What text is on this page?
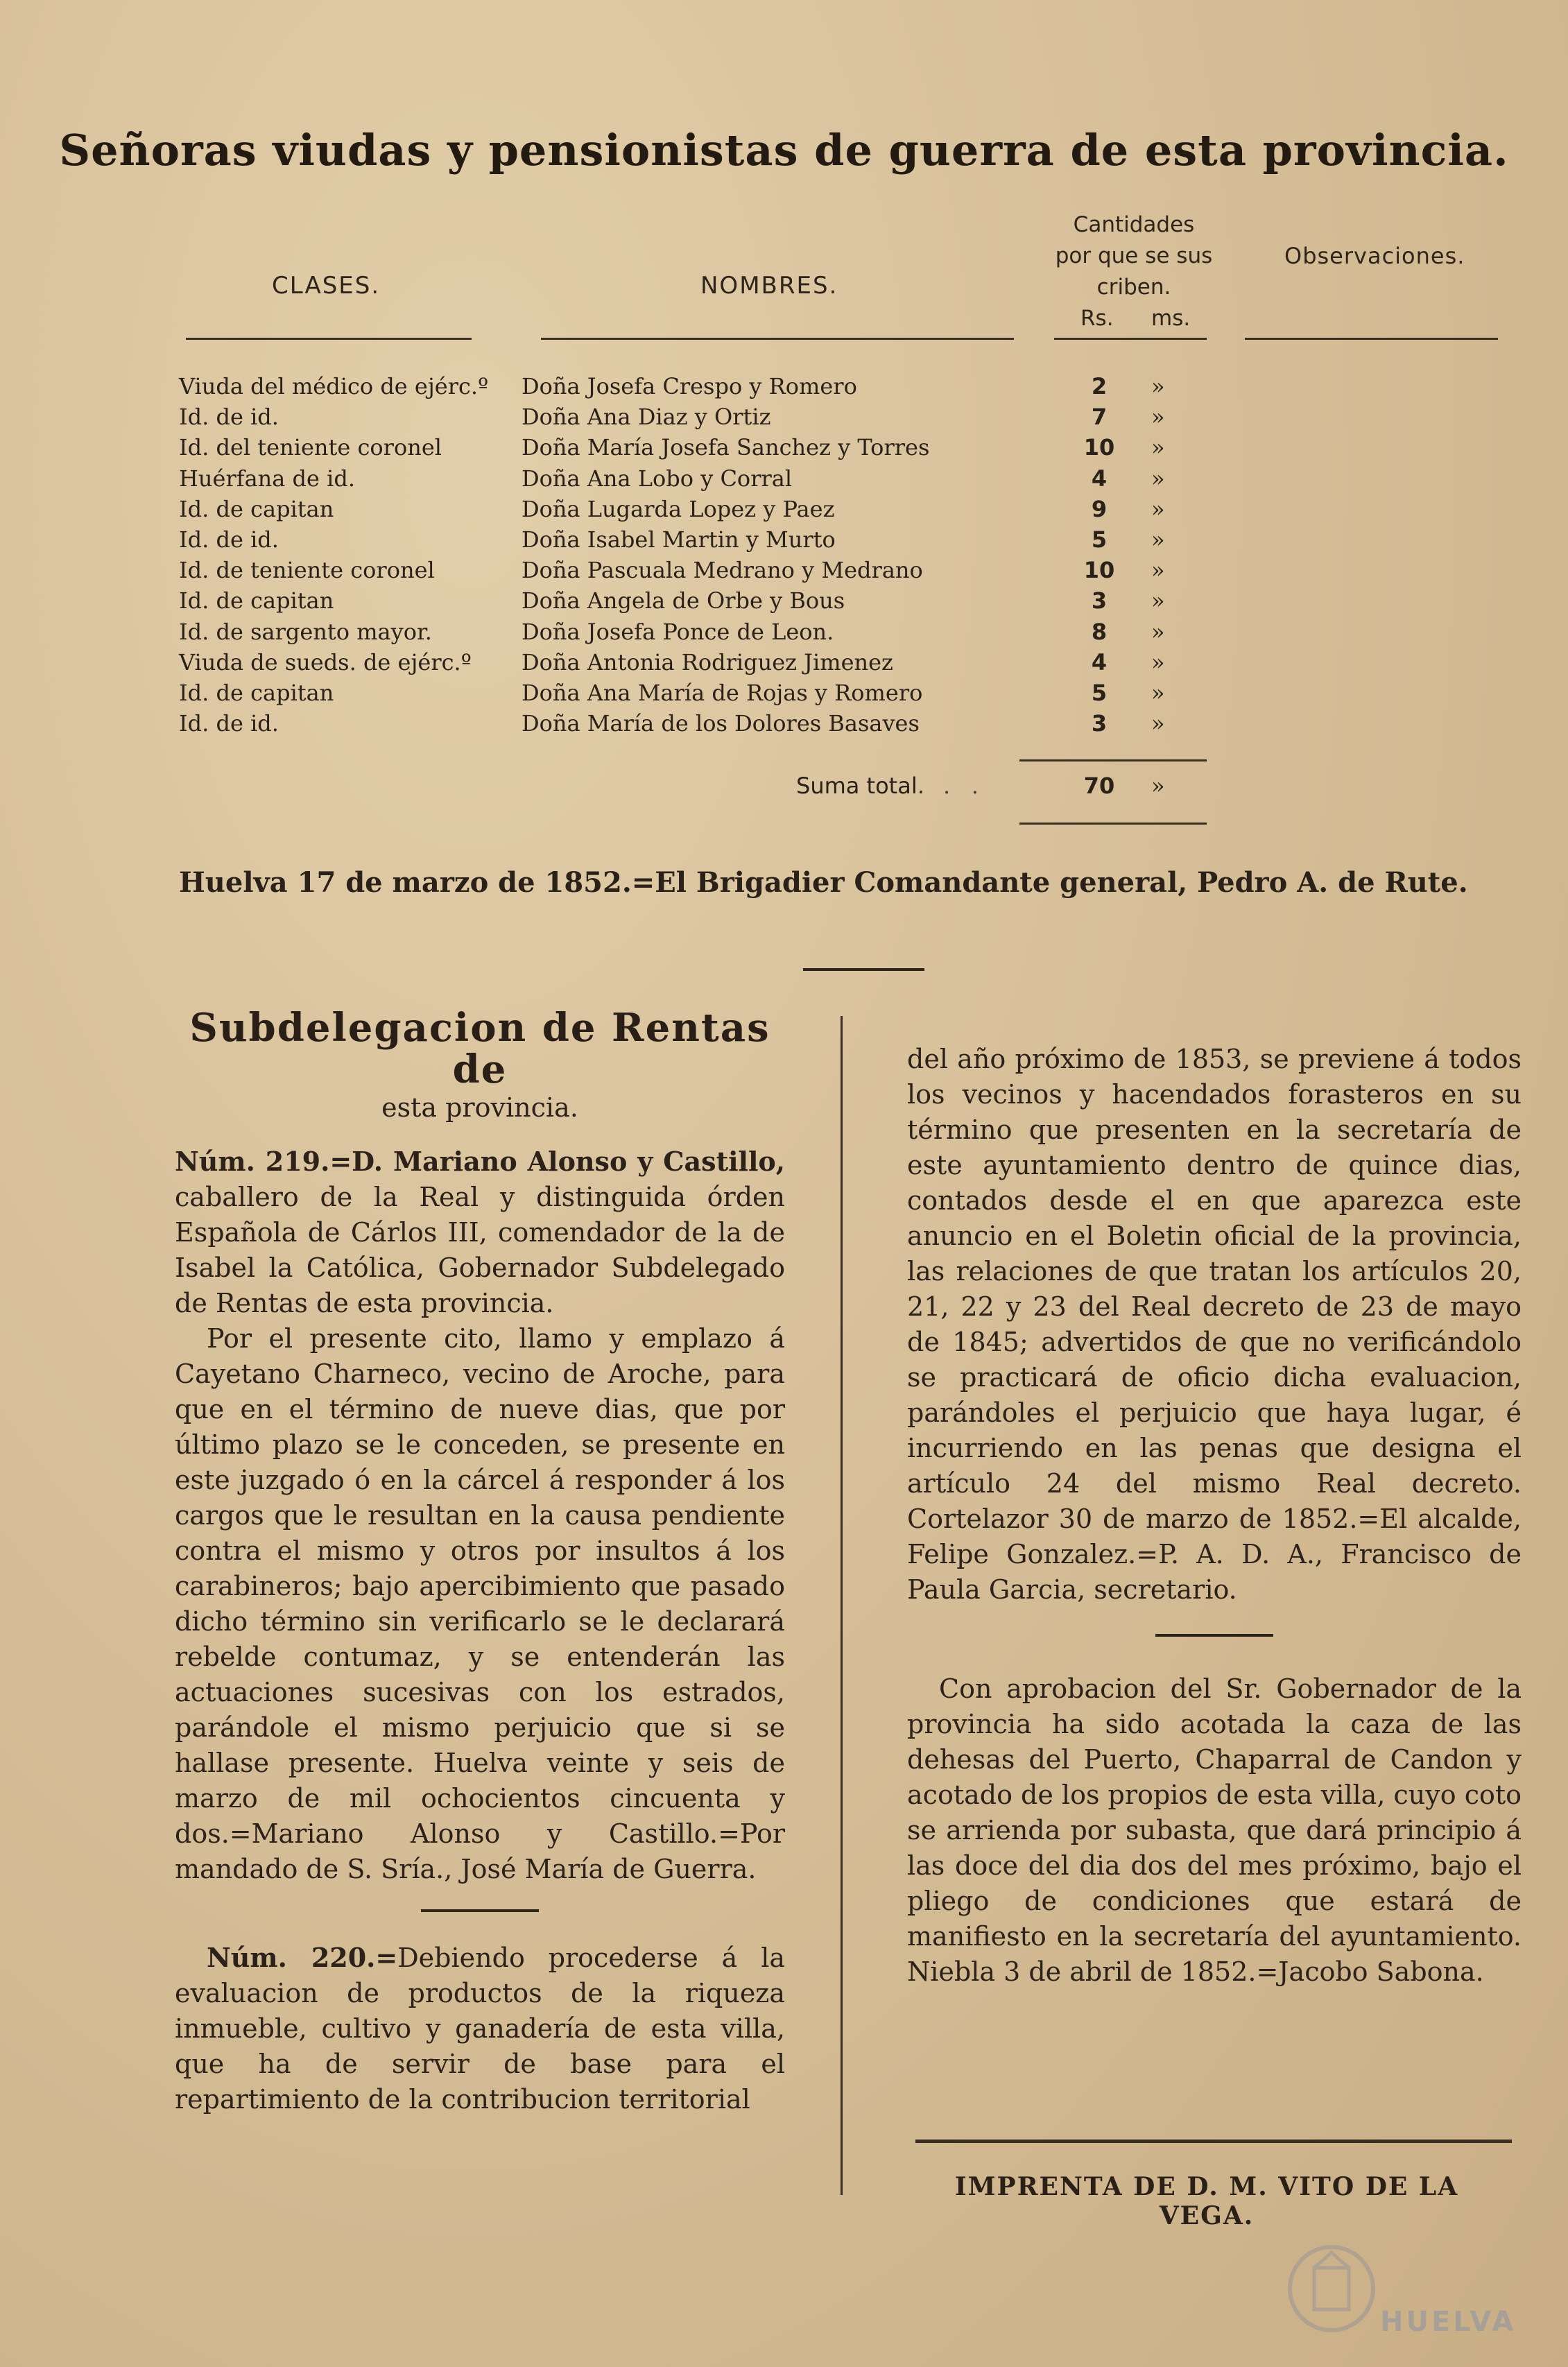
Señoras viudas y pensionistas de guerra de esta provincia.
CLASES.	NOMBRES.
Cantidades
por que se sus
criben.
Rs. ms.
Observaciones.
Viuda del médico de ejérc.º Doña Josefa Crespo y Romero	2	»
Id. de id.	Doña Ana Diaz y Ortiz	7	»
Id. del teniente coronel	Doña María Josefa Sanchez y Torres	10	»
Huérfana de id.	Doña Ana Lobo y Corral	4	»
Id. de capitan	Doña Lugarda Lopez y Paez	9	»
Id. de id.	Doña Isabel Martin y Murto	5	»
Id. de teniente coronel	Doña Pascuala Medrano y Medrano	10	»
Id. de capitan	Doña Angela de Orbe y Bous	3	»
Id. de sargento mayor.	Doña Josefa Ponce de Leon.	8	»
Viuda de sueds. de ejérc.º Doña Antonia Rodriguez Jimenez	4	»
Id. de capitan	Doña Ana María de Rojas y Romero	5	»
Id. de id.	Doña María de los Dolores Basaves	3	»
Suma total. .   .	70	»
Huelva 17 de marzo de 1852.=El Brigadier Comandante general, Pedro A. de Rute.

Subdelegacion de Rentas de

esta provincia.

Núm. 219.=D. Mariano Alonso y Castillo, caballero de la Real y distinguida órden Española de Cárlos III, comendador de la de Isabel la Católica, Gobernador Subdelegado de Rentas de esta provincia.

Por el presente cito, llamo y emplazo á Cayetano Charneco, vecino de Aroche, para que en el término de nueve dias, que por último plazo se le conceden, se presente en este juzgado ó en la cárcel á responder á los cargos que le resultan en la causa pendiente contra el mismo y otros por insultos á los carabineros; bajo apercibimiento que pasado dicho término sin verificarlo se le declarará rebelde contumaz, y se entenderán las actuaciones sucesivas con los estrados, parándole el mismo perjuicio que si se hallase presente. Huelva veinte y seis de marzo de mil ochocientos cincuenta y dos.=Mariano Alonso y Castillo.=Por mandado de S. Sría., José María de Guerra.

Núm. 220.=Debiendo procederse á la evaluacion de productos de la riqueza inmueble, cultivo y ganadería de esta villa, que ha de servir de base para el repartimiento de la contribucion territorial

del año próximo de 1853, se previene á todos los vecinos y hacendados forasteros en su término que presenten en la secretaría de este ayuntamiento dentro de quince dias, contados desde el en que aparezca este anuncio en el Boletin oficial de la provincia, las relaciones de que tratan los artículos 20, 21, 22 y 23 del Real decreto de 23 de mayo de 1845; advertidos de que no verificándolo se practicará de oficio dicha evaluacion, parándoles el perjuicio que haya lugar, é incurriendo en las penas que designa el artículo 24 del mismo Real decreto. Cortelazor 30 de marzo de 1852.=El alcalde, Felipe Gonzalez.=P. A. D. A., Francisco de Paula Garcia, secretario.

Con aprobacion del Sr. Gobernador de la provincia ha sido acotada la caza de las dehesas del Puerto, Chaparral de Candon y acotado de los propios de esta villa, cuyo coto se arrienda por subasta, que dará principio á las doce del dia dos del mes próximo, bajo el pliego de condiciones que estará de manifiesto en la secretaría del ayuntamiento. Niebla 3 de abril de 1852.=Jacobo Sabona.

IMPRENTA DE D. M. VITO DE LA VEGA.
HUELVA
